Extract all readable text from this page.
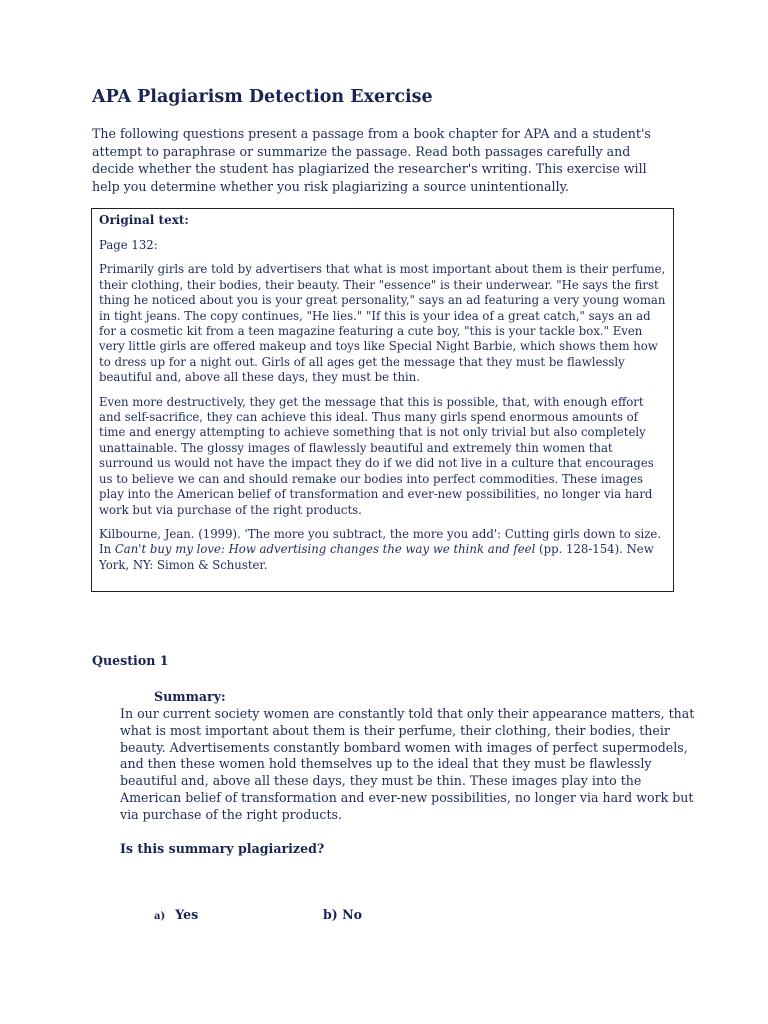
APA Plagiarism Detection Exercise

The following questions present a passage from a book chapter for APA and a student's attempt to paraphrase or summarize the passage. Read both passages carefully and decide whether the student has plagiarized the researcher's writing. This exercise will help you determine whether you risk plagiarizing a source unintentionally.

Original text:

Page 132:

Primarily girls are told by advertisers that what is most important about them is their perfume, their clothing, their bodies, their beauty. Their "essence" is their underwear. "He says the first thing he noticed about you is your great personality," says an ad featuring a very young woman in tight jeans. The copy continues, "He lies." "If this is your idea of a great catch," says an ad for a cosmetic kit from a teen magazine featuring a cute boy, "this is your tackle box." Even very little girls are offered makeup and toys like Special Night Barbie, which shows them how to dress up for a night out. Girls of all ages get the message that they must be flawlessly beautiful and, above all these days, they must be thin.

Even more destructively, they get the message that this is possible, that, with enough effort and self-sacrifice, they can achieve this ideal. Thus many girls spend enormous amounts of time and energy attempting to achieve something that is not only trivial but also completely unattainable. The glossy images of flawlessly beautiful and extremely thin women that surround us would not have the impact they do if we did not live in a culture that encourages us to believe we can and should remake our bodies into perfect commodities. These images play into the American belief of transformation and ever-new possibilities, no longer via hard work but via purchase of the right products.

Kilbourne, Jean. (1999). 'The more you subtract, the more you add': Cutting girls down to size.
In Can't buy my love: How advertising changes the way we think and feel (pp. 128-154). New York, NY: Simon & Schuster.

Question 1

Summary:

In our current society women are constantly told that only their appearance matters, that what is most important about them is their perfume, their clothing, their bodies, their beauty. Advertisements constantly bombard women with images of perfect supermodels, and then these women hold themselves up to the ideal that they must be flawlessly beautiful and, above all these days, they must be thin. These images play into the American belief of transformation and ever-new possibilities, no longer via hard work but via purchase of the right products.

Is this summary plagiarized?

a) Yes	b) No
